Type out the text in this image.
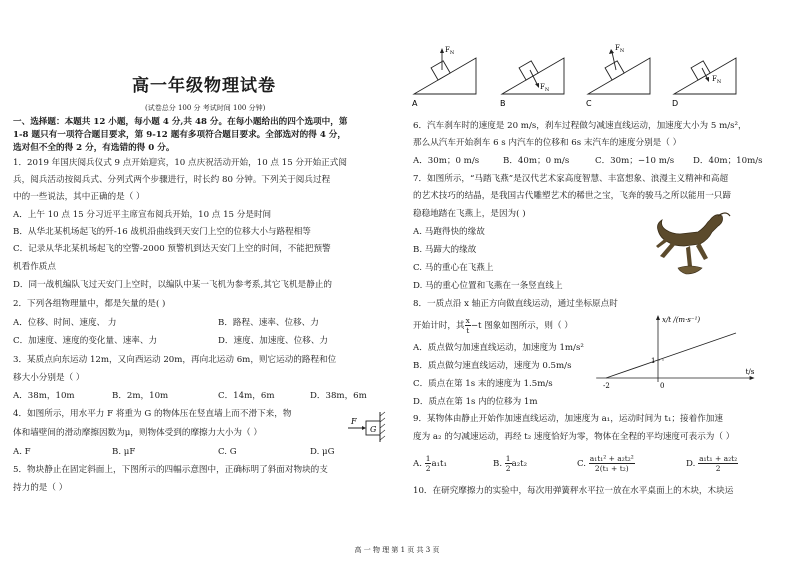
高一年级物理试卷
(试卷总分 100 分 考试时间 100 分钟)
一、选择题：本题共 12 小题，每小题 4 分,共 48 分。在每小题给出的四个选项中，第
1-8 题只有一项符合题目要求，第 9-12 题有多项符合题目要求。全部选对的得 4 分，
选对但不全的得 2 分，有选错的得 0 分。
1．2019 年国庆阅兵仪式 9 点开始迎宾，10 点庆祝活动开始，10 点 15 分开始正式阅
兵，阅兵活动按阅兵式、分列式两个步骤进行，时长约 80 分钟。下列关于阅兵过程
中的一些说法，其中正确的是（ ）
A．上午 10 点 15 分习近平主席宣布阅兵开始，10 点 15 分是时间
B．从华北某机场起飞的歼-16 战机沿曲线到天安门上空的位移大小与路程相等
C．记录从华北某机场起飞的空警-2000 预警机到达天安门上空的时间，不能把预警
机看作质点
D．同一战机编队飞过天安门上空时，以编队中某一飞机为参考系,其它飞机是静止的
2．下列各组物理量中，都是矢量的是( )
A．位移、时间、速度、 力	B．路程、速率、位移、力
C．加速度、速度的变化量、速率、力	D．速度、加速度、位移、力
3．某质点向东运动 12m，又向西运动 20m，再向北运动 6m，则它运动的路程和位
移大小分别是（ ）
A．38m，10m	B．2m，10m	C．14m，6m	D．38m，6m
4．如图所示，用水平力 F 将重为 G 的物体压在竖直墙上而不滑下来，物
体和墙壁间的滑动摩擦因数为μ，则物体受到的摩擦力大小为（ ）
A. F	B. μF	C. G	D. μG
F
G
5．物块静止在固定斜面上，下图所示的四幅示意图中，正确标明了斜面对物块的支
持力的是（ ）
$F_N$
A
$F_N$
B
$F_N$
C
$F_N$
D
6．汽车刹车时的速度是 20 m/s，刹车过程做匀减速直线运动，加速度大小为 5 m/s²，
那么从汽车开始刹车 6 s 内汽车的位移和 6s 末汽车的速度分别是（ ）
A．30m；0 m/s	B．40m；0 m/s	C．30m；−10 m/s D．40m；10m/s
7．如图所示，“马踏飞燕”是汉代艺术家高度智慧、丰富想象、浪漫主义精神和高超
的艺术技巧的结晶，是我国古代雕塑艺术的稀世之宝，飞奔的骏马之所以能用一只蹄
稳稳地踏在飞燕上，是因为( )
A. 马跑得快的缘故
B. 马蹄大的缘故
C. 马的重心在飞燕上
D. 马的重心位置和飞燕在一条竖直线上
8．一质点沿 x 轴正方向做直线运动，通过坐标原点时
开始计时，其 $\frac{x}{t} -t$ 图象如图所示，则（ ）
A．质点做匀加速直线运动，加速度为 1m/s²
B．质点做匀速直线运动，速度为 0.5m/s
C．质点在第 1s 末的速度为 1.5m/s
D．质点在第 1s 内的位移为 1m
-2	0
1
t/s
x/t /(m·s⁻¹)
9．某物体由静止开始作加速直线运动，加速度为 a₁，运动时间为 t₁；接着作加速
度为 a₂ 的匀减速运动，再经 t₂ 速度恰好为零，物体在全程的平均速度可表示为（ ）
A. $\frac{1}{2} a_1t_1$	B. $\frac{1}{2} a_2t_2$	C. $\frac{\text{a₁t₁² + a₂t₂²}}{\text{2(t₁ + t₂)}}$	D. $\frac{\text{a₁t₁ + a₂t₂}}{2}$
10．在研究摩擦力的实验中，每次用弹簧秤水平拉一放在水平桌面上的木块，木块运
高 一 物 理 第 1 页 共 3 页
